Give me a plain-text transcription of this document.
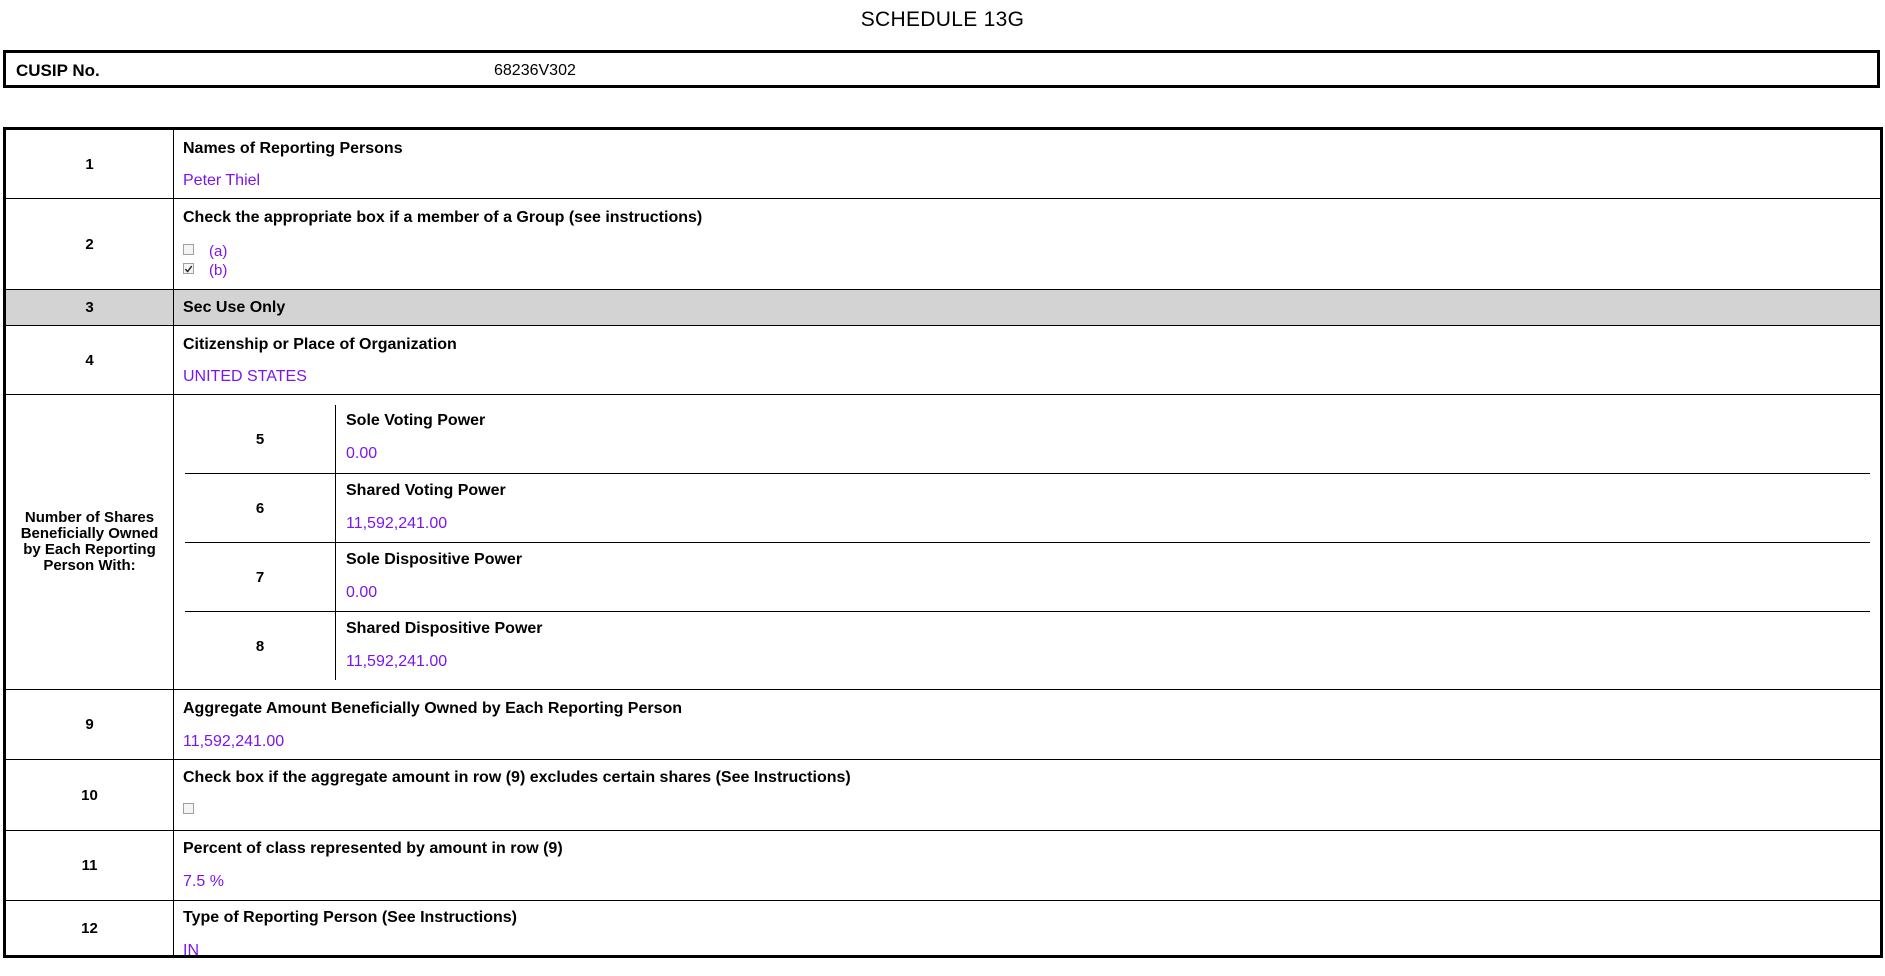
SCHEDULE 13G
CUSIP No.	68236V302
1
Names of Reporting Persons
Peter Thiel
2
Check the appropriate box if a member of a Group (see instructions)
(a)
(b)
3	Sec Use Only
4
Citizenship or Place of Organization
UNITED STATES
Number of Shares Beneficially Owned by Each Reporting Person With:
5
Sole Voting Power
0.00
6
Shared Voting Power
11,592,241.00
7
Sole Dispositive Power
0.00
8
Shared Dispositive Power
11,592,241.00
9
Aggregate Amount Beneficially Owned by Each Reporting Person
11,592,241.00
10
Check box if the aggregate amount in row (9) excludes certain shares (See Instructions)
11
Percent of class represented by amount in row (9)
7.5 %
12
Type of Reporting Person (See Instructions)
IN
